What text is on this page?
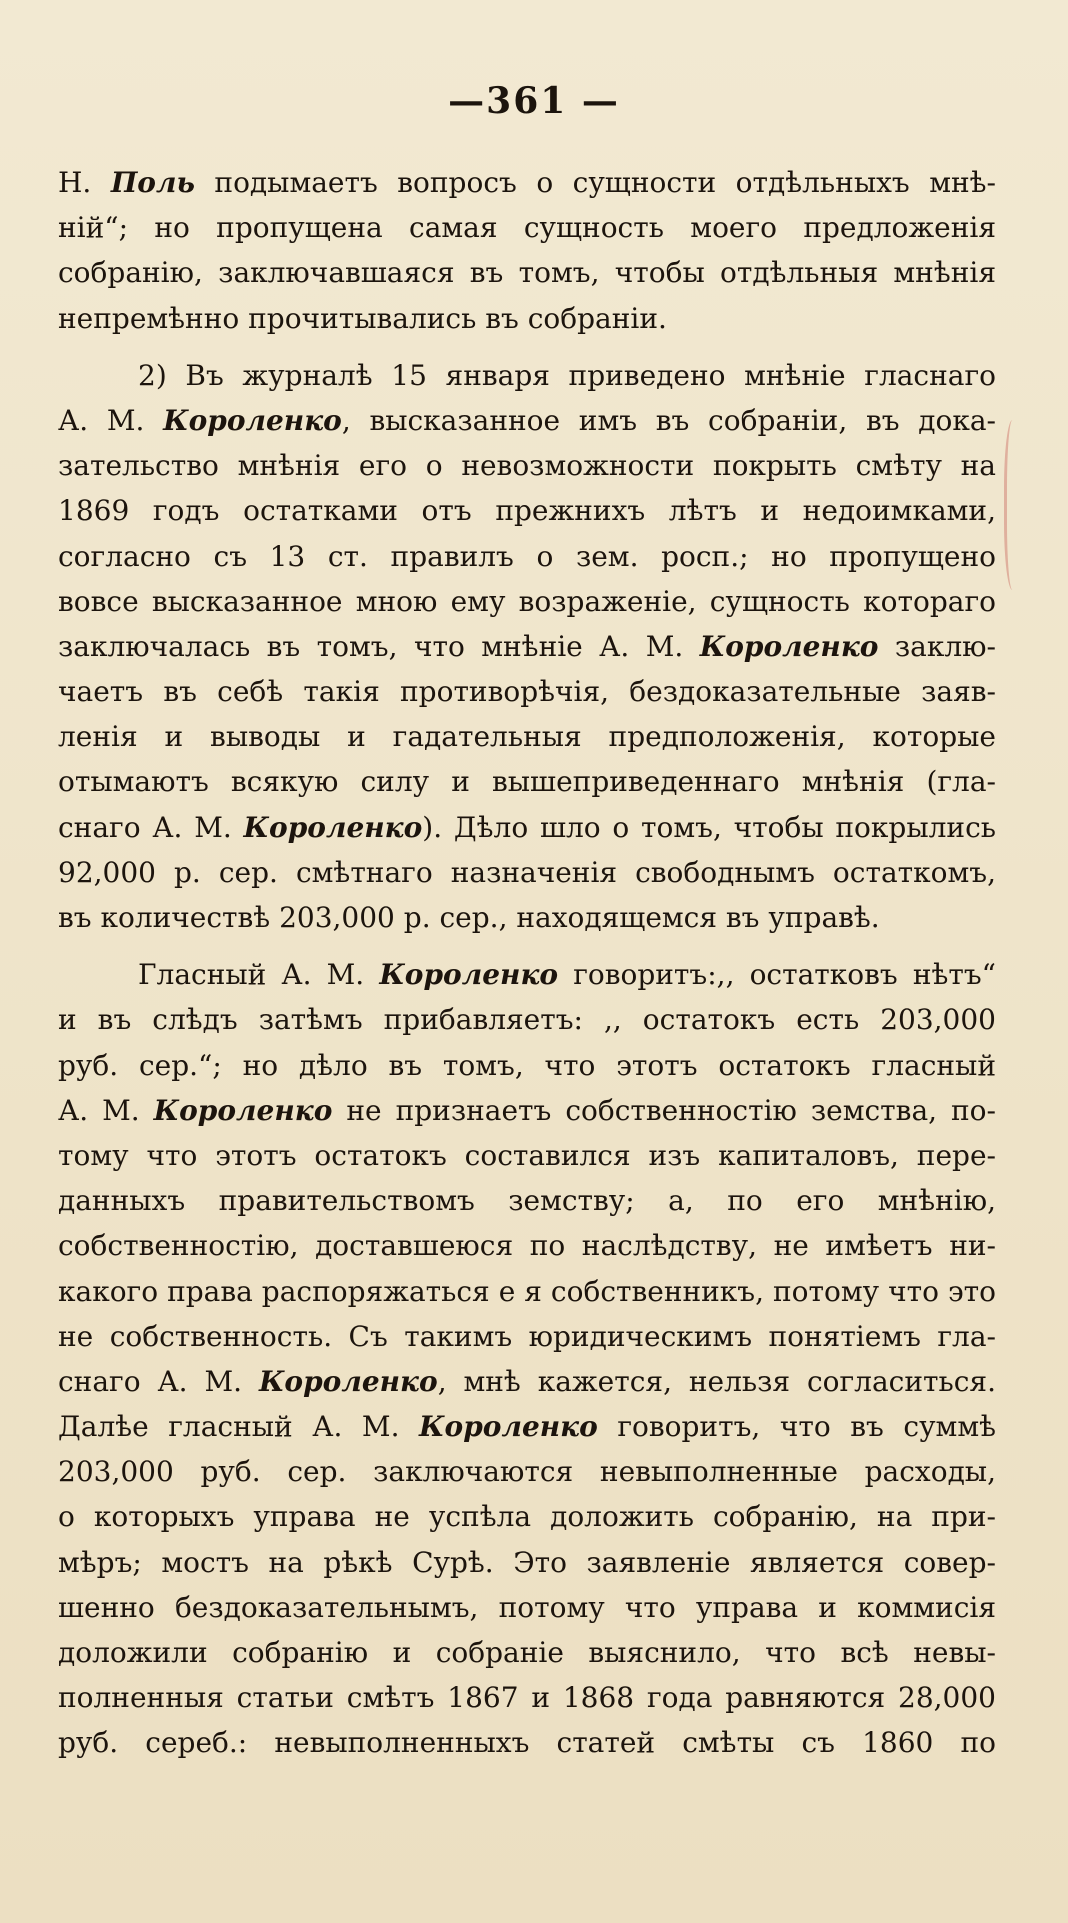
—361 —
Н. Поль подымаетъ вопросъ о сущности отдѣльныхъ мнѣ-
ній“; но пропущена самая сущность моего предложенія
собранію, заключавшаяся въ томъ, чтобы отдѣльныя мнѣнія
непремѣнно прочитывались въ собраніи.
2) Въ журналѣ 15 января приведено мнѣніе гласнаго
А. М. Короленко, высказанное имъ въ собраніи, въ дока-
зательство мнѣнія его о невозможности покрыть смѣту на
1869 годъ остатками отъ прежнихъ лѣтъ и недоимками,
согласно съ 13 ст. правилъ о зем. росп.; но пропущено
вовсе высказанное мною ему возраженіе, сущность котораго
заключалась въ томъ, что мнѣніе А. М. Короленко заклю-
чаетъ въ себѣ такія противорѣчія, бездоказательные заяв-
ленія и выводы и гадательныя предположенія, которые
отымаютъ всякую силу и вышеприведеннаго мнѣнія (гла-
снаго А. М. Короленко). Дѣло шло о томъ, чтобы покрылись
92,000 р. сер. смѣтнаго назначенія свободнымъ остаткомъ,
въ количествѣ 203,000 р. сер., находящемся въ управѣ.
Гласный А. М. Короленко говоритъ:,, остатковъ нѣтъ“
и въ слѣдъ затѣмъ прибавляетъ: ,, остатокъ есть 203,000
руб. сер.“; но дѣло въ томъ, что этотъ остатокъ гласный
А. М. Короленко не признаетъ собственностію земства, по-
тому что этотъ остатокъ составился изъ капиталовъ, пере-
данныхъ правительствомъ земству; а, по его мнѣнію,
собственностію, доставшеюся по наслѣдству, не имѣетъ ни-
какого права распоряжаться е я собственникъ, потому что это
не собственность. Съ такимъ юридическимъ понятіемъ гла-
снаго А. М. Короленко, мнѣ кажется, нельзя согласиться.
Далѣе гласный А. М. Короленко говоритъ, что въ суммѣ
203,000 руб. сер. заключаются невыполненные расходы,
о которыхъ управа не успѣла доложить собранію, на при-
мѣръ; мостъ на рѣкѣ Сурѣ. Это заявленіе является совер-
шенно бездоказательнымъ, потому что управа и коммисія
доложили собранію и собраніе выяснило, что всѣ невы-
полненныя статьи смѣтъ 1867 и 1868 года равняются 28,000
руб. сереб.: невыполненныхъ статей смѣты съ 1860 по
